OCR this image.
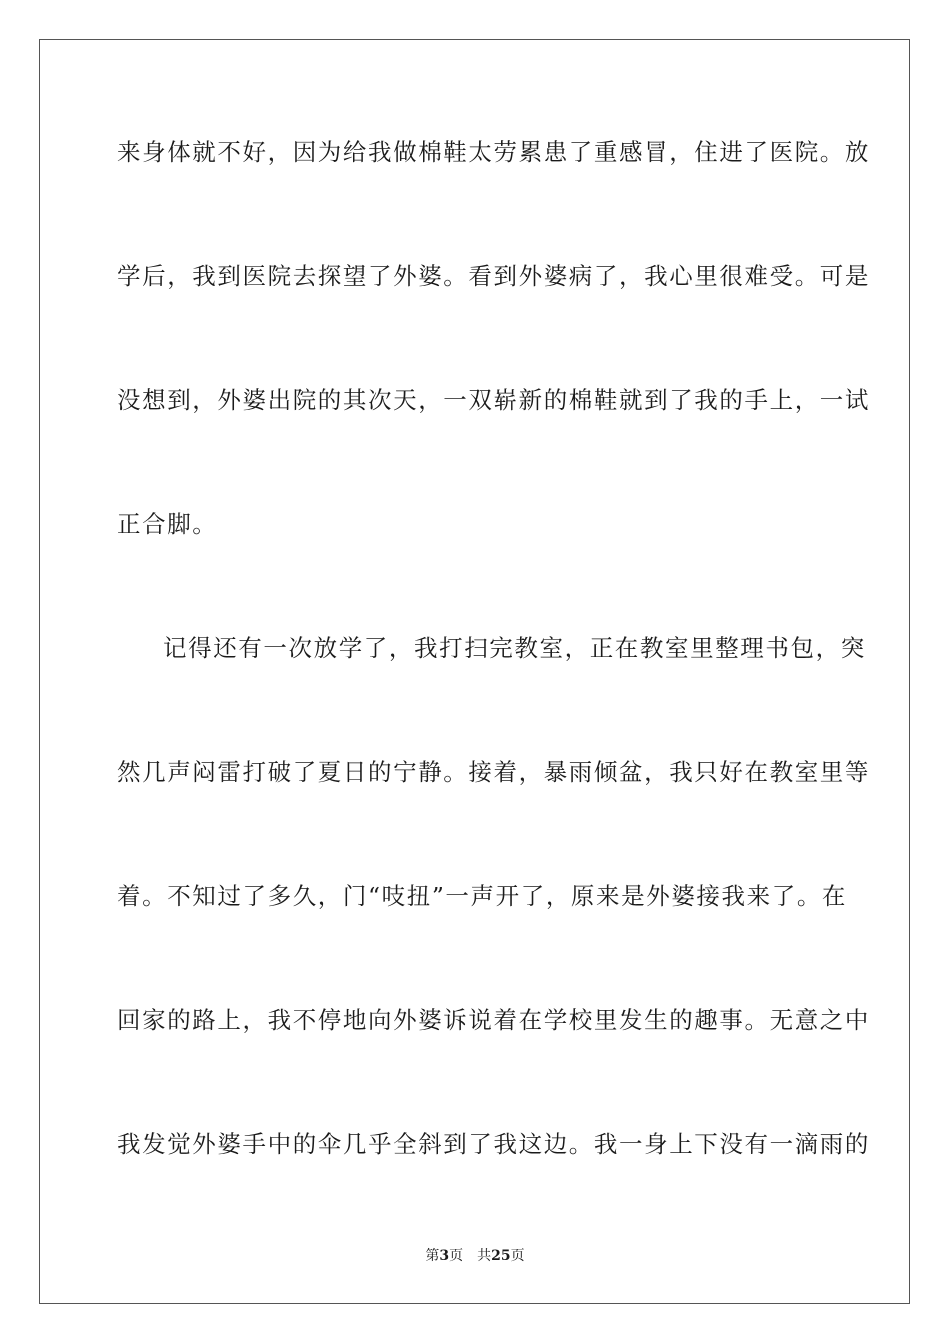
来身体就不好，因为给我做棉鞋太劳累患了重感冒，住进了医院。放
学后，我到医院去探望了外婆。看到外婆病了，我心里很难受。可是
没想到，外婆出院的其次天，一双崭新的棉鞋就到了我的手上，一试
正合脚。
记得还有一次放学了，我打扫完教室，正在教室里整理书包，突
然几声闷雷打破了夏日的宁静。接着，暴雨倾盆，我只好在教室里等
着。不知过了多久，门“吱扭”一声开了，原来是外婆接我来了。在
回家的路上，我不停地向外婆诉说着在学校里发生的趣事。无意之中
我发觉外婆手中的伞几乎全斜到了我这边。我一身上下没有一滴雨的
第3页 共25页
